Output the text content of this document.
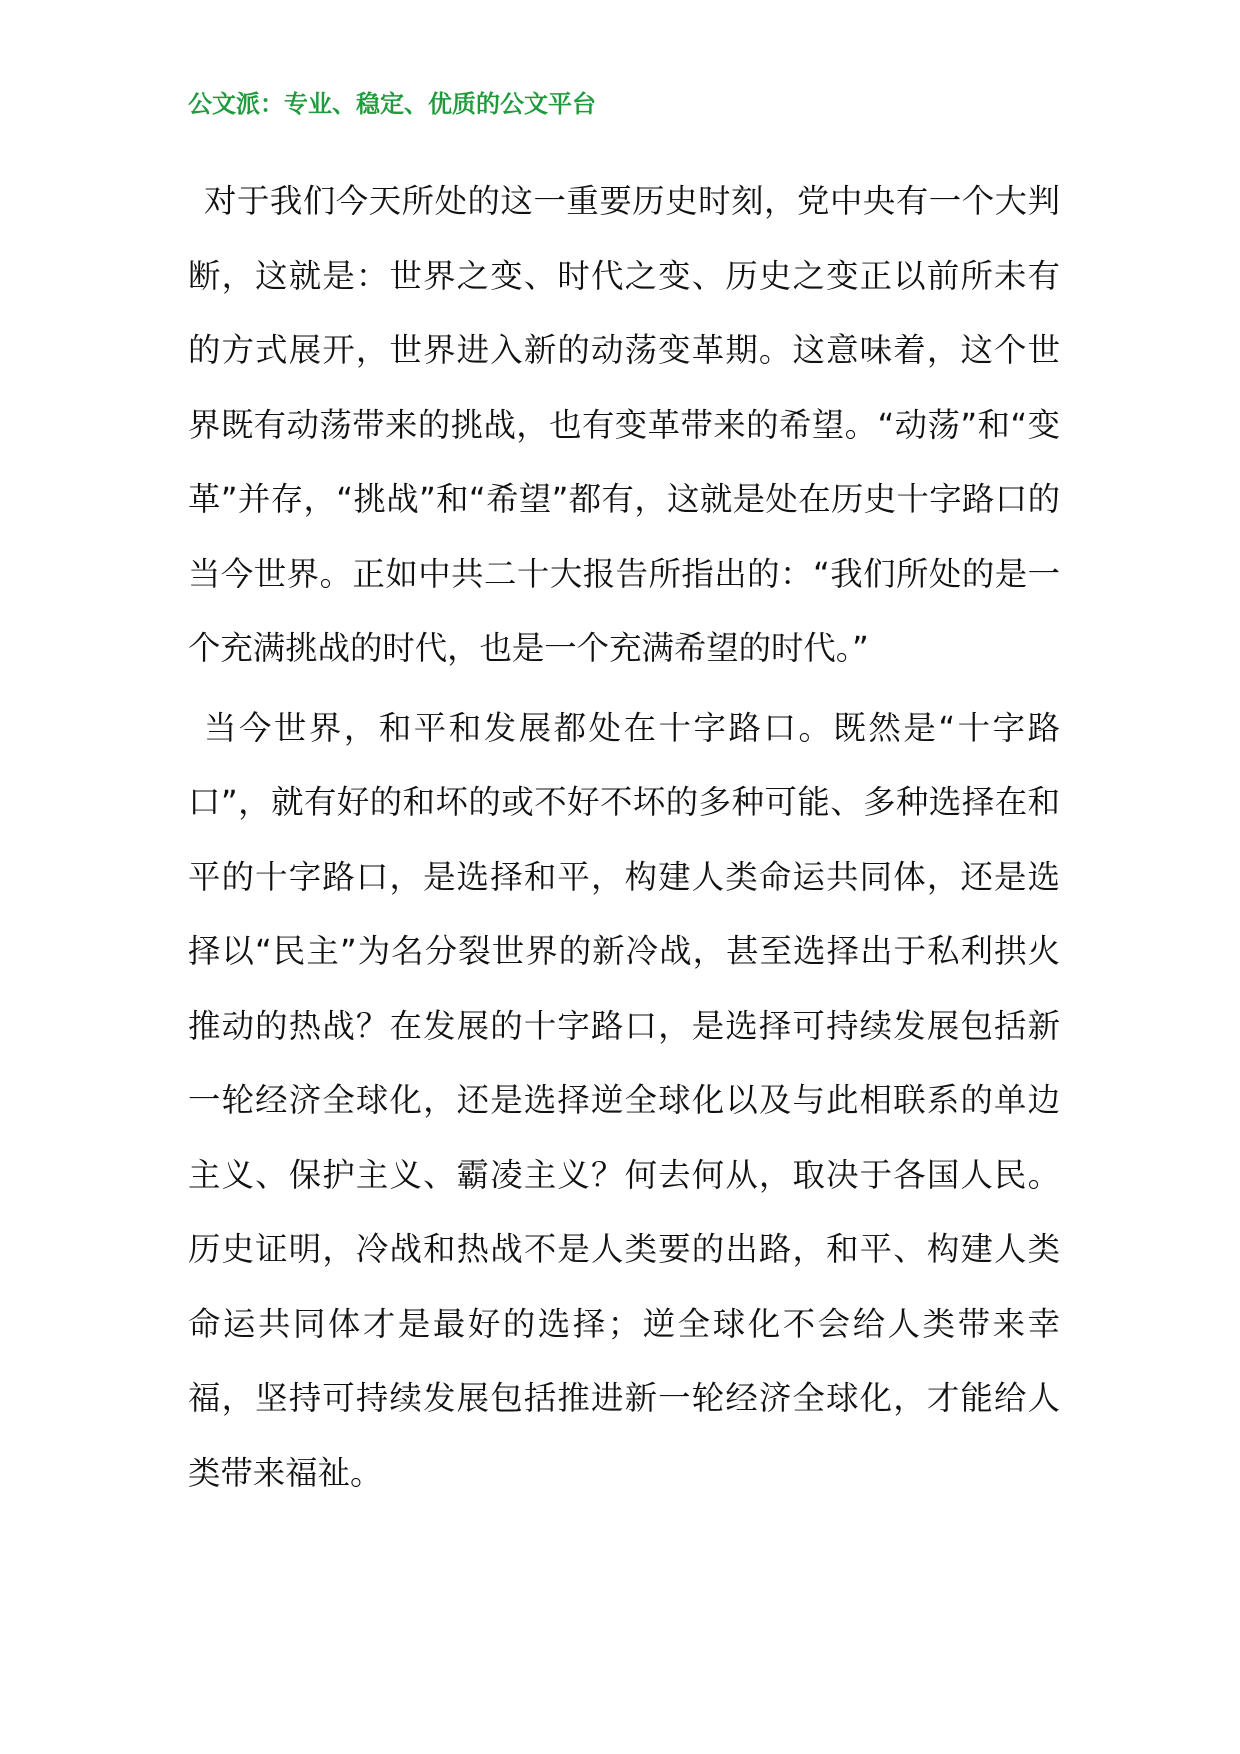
公文派：专业、稳定、优质的公文平台

对于我们今天所处的这一重要历史时刻，党中央有一个大判断，这就是：世界之变、时代之变、历史之变正以前所未有的方式展开，世界进入新的动荡变革期。这意味着，这个世界既有动荡带来的挑战，也有变革带来的希望。“动荡”和“变革”并存，“挑战”和“希望”都有，这就是处在历史十字路口的当今世界。正如中共二十大报告所指出的：“我们所处的是一个充满挑战的时代，也是一个充满希望的时代。”

当今世界，和平和发展都处在十字路口。既然是“十字路口”，就有好的和坏的或不好不坏的多种可能、多种选择在和平的十字路口，是选择和平，构建人类命运共同体，还是选择以“民主”为名分裂世界的新冷战，甚至选择出于私利拱火推动的热战？在发展的十字路口，是选择可持续发展包括新一轮经济全球化，还是选择逆全球化以及与此相联系的单边主义、保护主义、霸凌主义？何去何从，取决于各国人民。历史证明，冷战和热战不是人类要的出路，和平、构建人类命运共同体才是最好的选择；逆全球化不会给人类带来幸福，坚持可持续发展包括推进新一轮经济全球化，才能给人类带来福祉。
